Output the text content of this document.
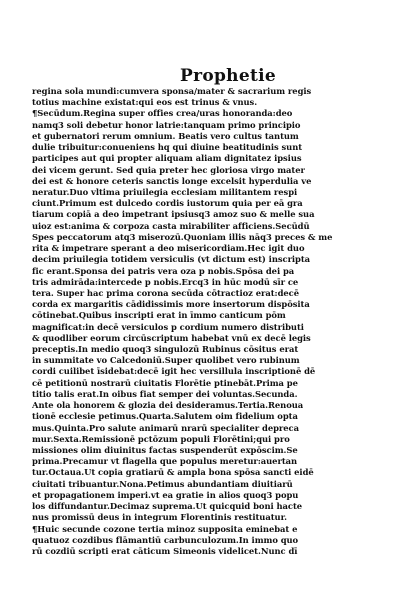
Prophetie
regina sola mundi:cumvera sponsa/mater & sacrarium regis
totius machine existat:qui eos est trinus & vnus.
¶Secūdum.Regina super offies crea/uras honoranda:deo
namq3 soli debetur honor latrie:tanquam primo principio
et gubernatori rerum omnium. Beatis vero cultus tantum
dulie tribuitur:conueniens hq qui diuine beatitudinis sunt
participes aut qui propter aliquam aliam dignitatez ipsius
dei vicem gerunt. Sed quia preter hec gloriosa virgo mater
dei est & honore ceteris sanctis longe excelsit hyperdulia ve
neratur.Duo vltima priuilegia ecclesiam militantem respi
ciunt.Primum est dulcedo cordis iustorum quia per eā gra
tiarum copiā a deo impetrant ipsiusq3 amoz suo & melle sua
uioz est:anima & corpoza casta mirabiliter afficiens.Secūdū
Spes peccatorum atq3 miserozū.Quoniam illis nāq3 preces & me
rita & impetrare sperant a deo misericordiam.Hec igit duo
decim priuilegia totidem versiculis (vt dictum est) inscripta
fic erant.Sponsa dei patris vera oza p nobis.Spōsa dei pa
tris admirāda:intercede p nobis.Ercq3 in hūc modū sīr ce
tera. Super hac prima corona secūda cōtractioz erat:decē
corda ex margaritis cādidissimis more insertorum dispōsita
cōtinebat.Quibus inscripti erat in īmmo canticum pōm
magnificat:in decē versiculos p cordium numero distributi
& quodliber eorum circūscriptum habebat vnū ex decē legis
preceptis.In medio quoq3 singulozū Rubinus cōsitus erat
in summitate vo Calcedoniū.Super quolibet vero rubinum
cordi cuilibet īsidebat:decē igit hec versillula inscriptionē dē
cē petitionū nostrarū ciuitatis Florētie ptinebāt.Prima pe
titio talis erat.In oibus fiat semper dei voluntas.Secunda.
Ante ola honorem & glozia dei desideramus.Tertia.Renoua
tionē ecclesie petimus.Quarta.Salutem oim fidelium opta
mus.Quinta.Pro salute animarū nrarū specialiter depreca
mur.Sexta.Remissionē pctōzum populi Florētini;qui pro
missiones olim diuinitus factas suspenderūt expōscim.Se
prima.Precamur vt flagella que populus meretur:auertan
tur.Octaua.Ut copia gratiarū & ampla bona spōsa sancti eidē
ciuitati tribuantur.Nona.Petimus abundantiam diuitiarū
et propagationem imperi.vt ea gratie in alios quoq3 popu
los diffundantur.Decimaz suprema.Ut quicquid boni hacte
nus promissū deus in integrum Florentinis restituatur.
¶Huic secunde cozone tertia minoz supposita eminebat e
quatuoz cozdibus flāmantiū carbunculozum.In immo quo
rū cozdiū scripti erat cāticum Simeonis videlicet.Nunc dī
